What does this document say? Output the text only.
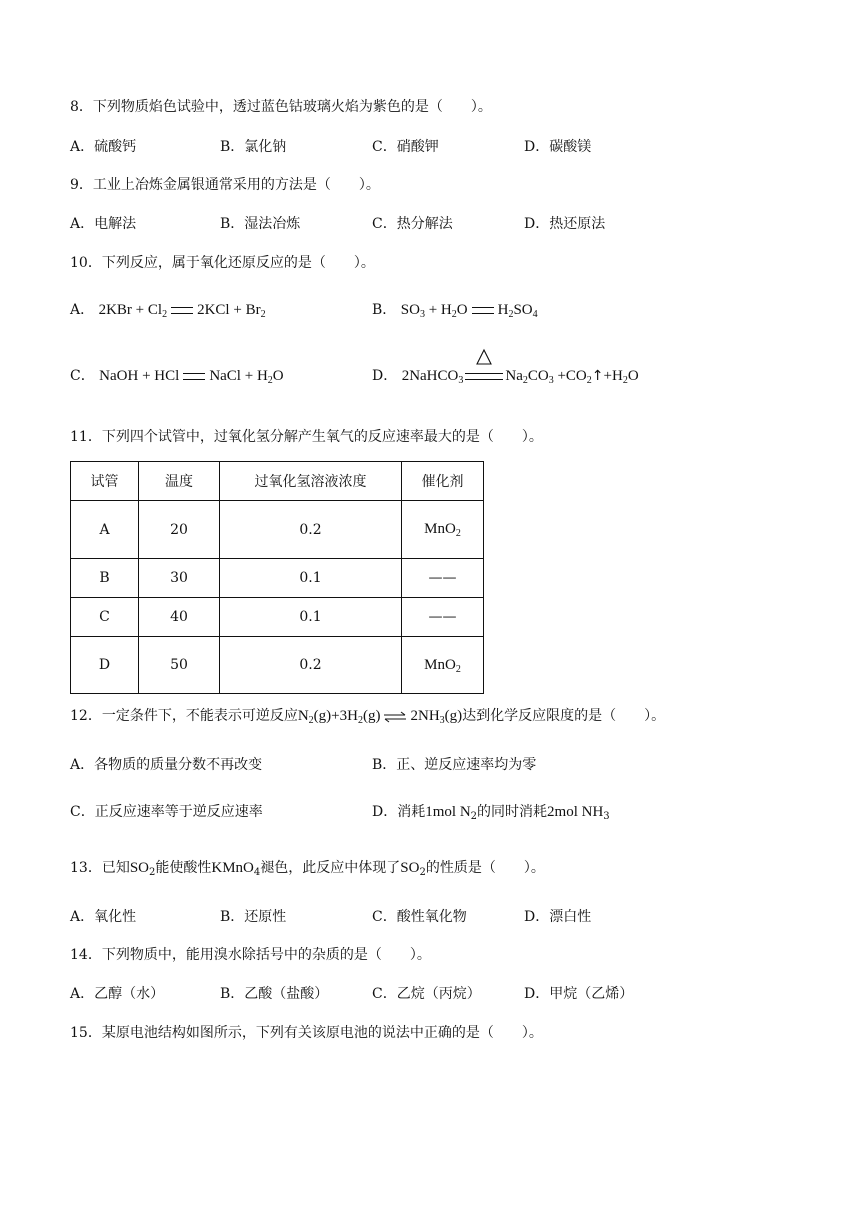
8．下列物质焰色试验中，透过蓝色钴玻璃火焰为紫色的是（　　）。
A．硫酸钙	B．氯化钠	C．硝酸钾	D．碳酸镁
9．工业上冶炼金属银通常采用的方法是（　　）。
A．电解法	B．湿法冶炼	C．热分解法	D．热还原法
10．下列反应，属于氧化还原反应的是（　　）。
A． $2KBr + Cl_2$ $2KCl + Br_2$	B． $SO_3 + H_2O$ $H_2SO_4$
C． NaOH + HCl NaCl + $H_2O$	D． 2NaHCO$_3$	$Na_2CO_3$ $+CO_2↑+H_2O$
11．下列四个试管中，过氧化氢分解产生氧气的反应速率最大的是（　　）。
试管	温度	过氧化氢溶液浓度	催化剂
A	20	0.2	MnO$_2$
B	30	0.1	——
C	40	0.1	——
D	50	0.2	MnO$_2$
12．一定条件下，不能表示可逆反应$N_2(g)+3H_2(g)$ ⇌ $2NH_3(g)$达到化学反应限度的是（　　）。
A．各物质的质量分数不再改变	B．正、逆反应速率均为零
C．正反应速率等于逆反应速率	D．消耗1mol $N_2$的同时消耗2mol $NH_3$
13．已知$SO_2$能使酸性KMnO$_4$褪色，此反应中体现了$SO_2$的性质是（　　）。
A．氧化性	B．还原性	C．酸性氧化物	D．漂白性
14．下列物质中，能用溴水除括号中的杂质的是（　　）。
A．乙醇（水）	B．乙酸（盐酸）	C．乙烷（丙烷）	D．甲烷（乙烯）
15．某原电池结构如图所示，下列有关该原电池的说法中正确的是（　　）。
